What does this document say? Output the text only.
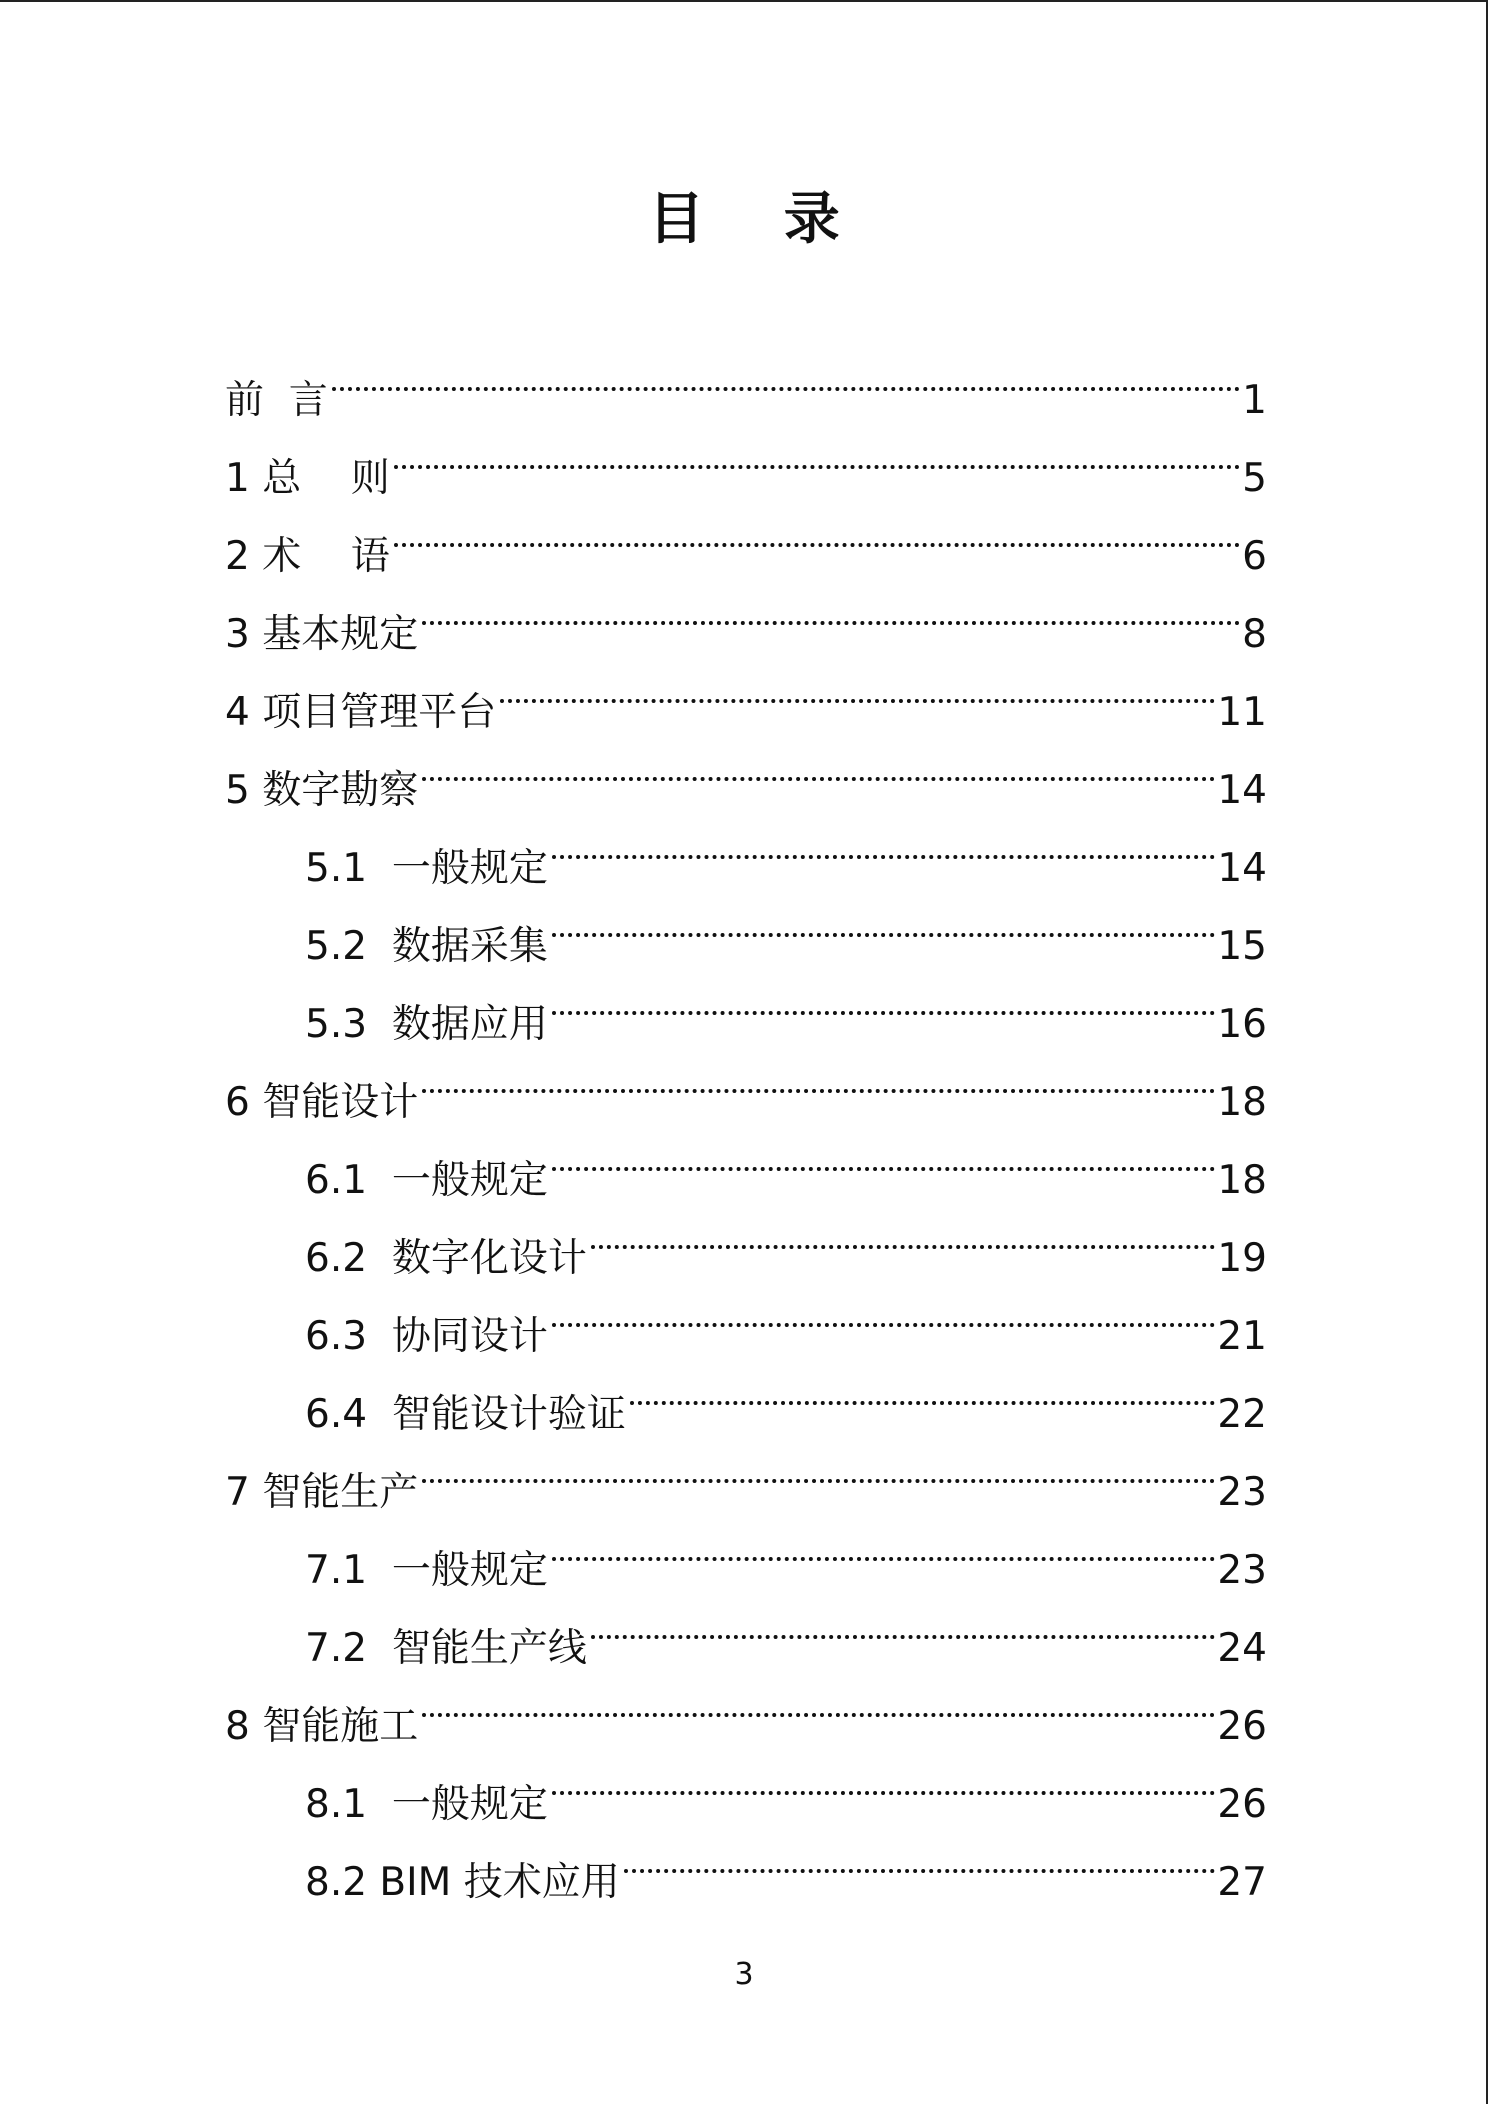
目 录
前  言	1
1 总    则	5
2 术    语	6
3 基本规定	8
4 项目管理平台	11
5 数字勘察	14
5.1  一般规定	14
5.2  数据采集	15
5.3  数据应用	16
6 智能设计	18
6.1  一般规定	18
6.2  数字化设计	19
6.3  协同设计	21
6.4  智能设计验证	22
7 智能生产	23
7.1  一般规定	23
7.2  智能生产线	24
8 智能施工	26
8.1  一般规定	26
8.2 BIM 技术应用	27
3
